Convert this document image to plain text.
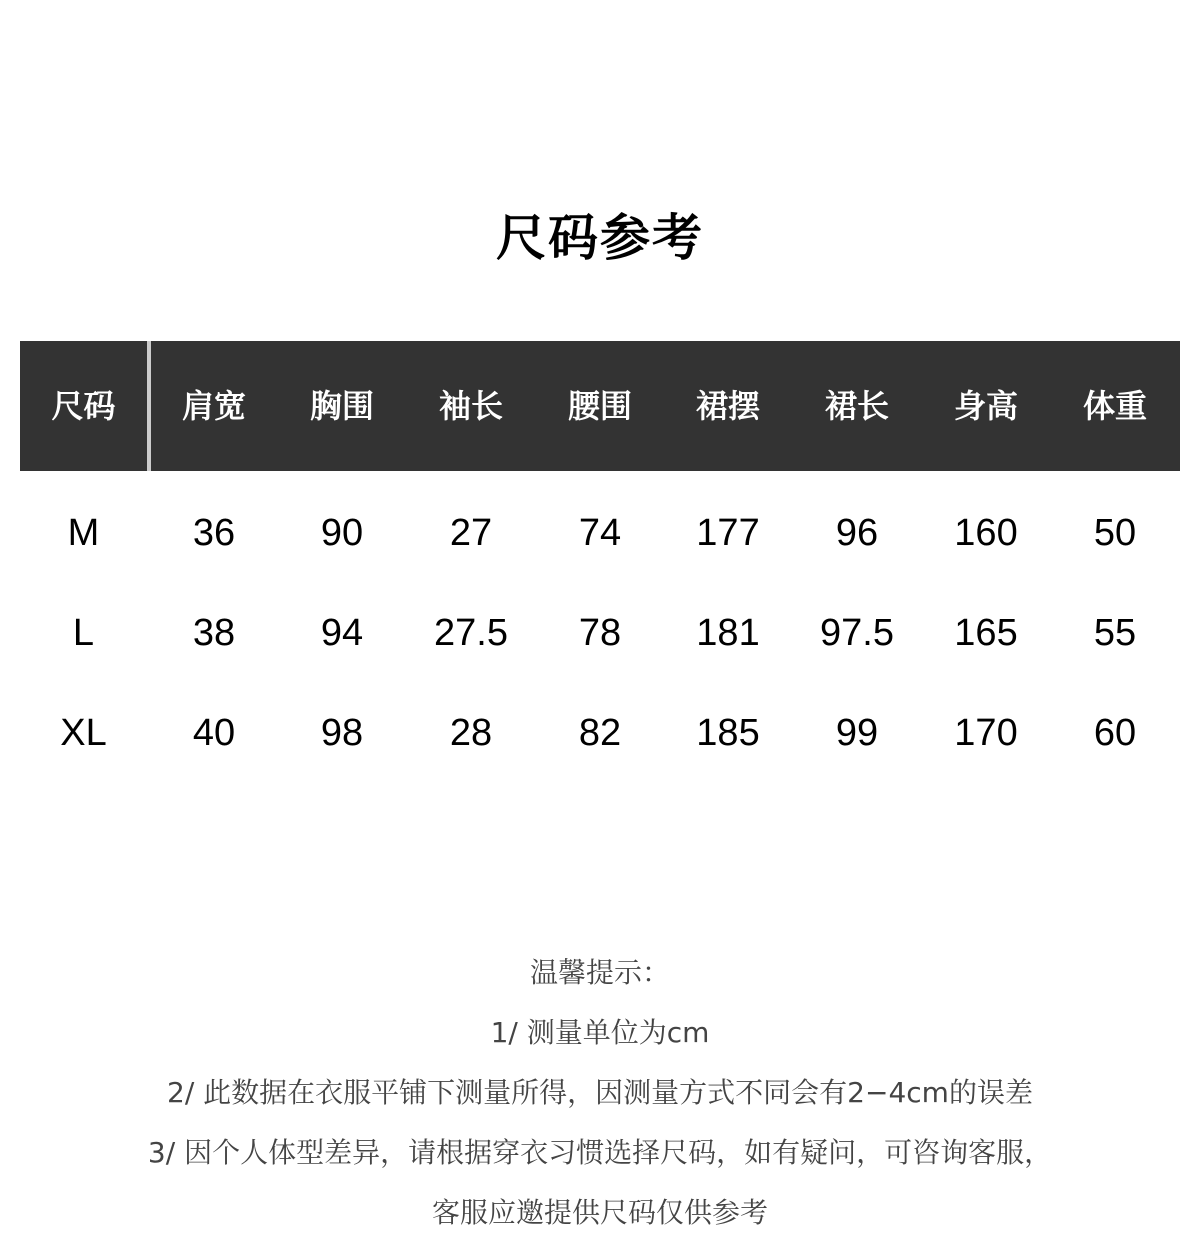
尺码参考
尺码	肩宽	胸围	袖长	腰围	裙摆	裙长	身高	体重
M	36	90	27	74	177	96	160	50
L	38	94	27.5	78	181	97.5	165	55
XL	40	98	28	82	185	99	170	60
温馨提示：
1/ 测量单位为cm
2/ 此数据在衣服平铺下测量所得，因测量方式不同会有2−4cm的误差
3/ 因个人体型差异，请根据穿衣习惯选择尺码，如有疑问，可咨询客服，
客服应邀提供尺码仅供参考
